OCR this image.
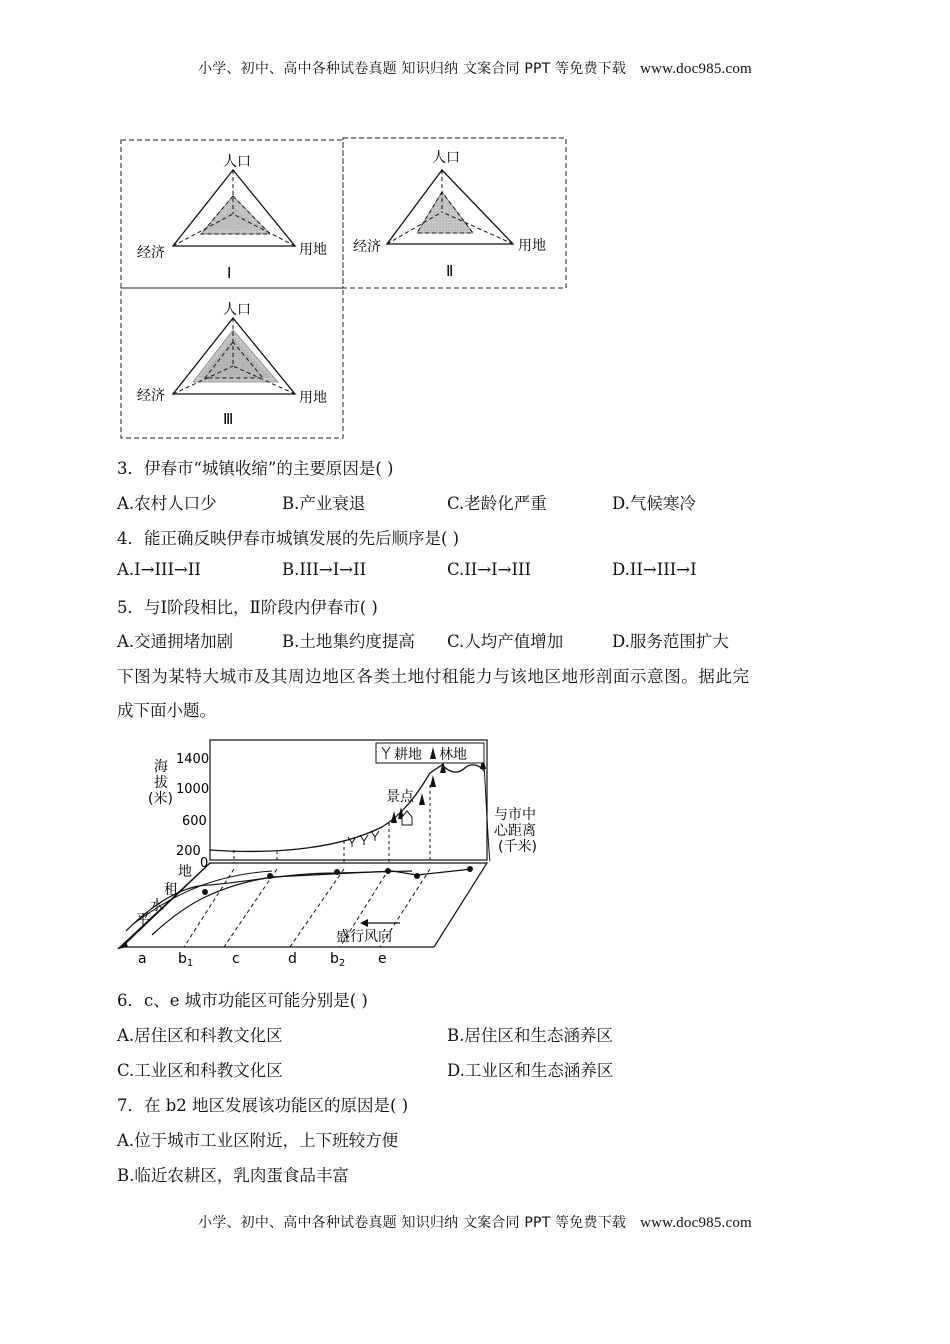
小学、初中、高中各种试卷真题 知识归纳 文案合同 PPT 等免费下载 www.doc985.com
人口
经济	用地
Ⅰ
人口
经济	用地
Ⅱ
人口
经济	用地
Ⅲ
3．伊春市“城镇收缩”的主要原因是( )
A.农村人口少	B.产业衰退	C.老龄化严重	D.气候寒冷
4．能正确反映伊春市城镇发展的先后顺序是( )
A.I→III→II	B.III→I→II	C.II→I→III	D.II→III→I
5．与Ⅰ阶段相比，Ⅱ阶段内伊春市( )
A.交通拥堵加剧	B.土地集约度提高 C.人均产值增加	D.服务范围扩大
下图为某特大城市及其周边地区各类土地付租能力与该地区地形剖面示意图。据此完
成下面小题。
海
拔
(米)
1400
1000
600
200
0
景点
耕地 林地
与市中
心距离
(千米)
地
租
水
平
盛行风向
a $b_1$	c	d $b_2$ e
6．c、e 城市功能区可能分别是( )
A.居住区和科教文化区	B.居住区和生态涵养区
C.工业区和科教文化区	D.工业区和生态涵养区
7．在 b2 地区发展该功能区的原因是( )
A.位于城市工业区附近，上下班较方便
B.临近农耕区，乳肉蛋食品丰富
小学、初中、高中各种试卷真题 知识归纳 文案合同 PPT 等免费下载 www.doc985.com
